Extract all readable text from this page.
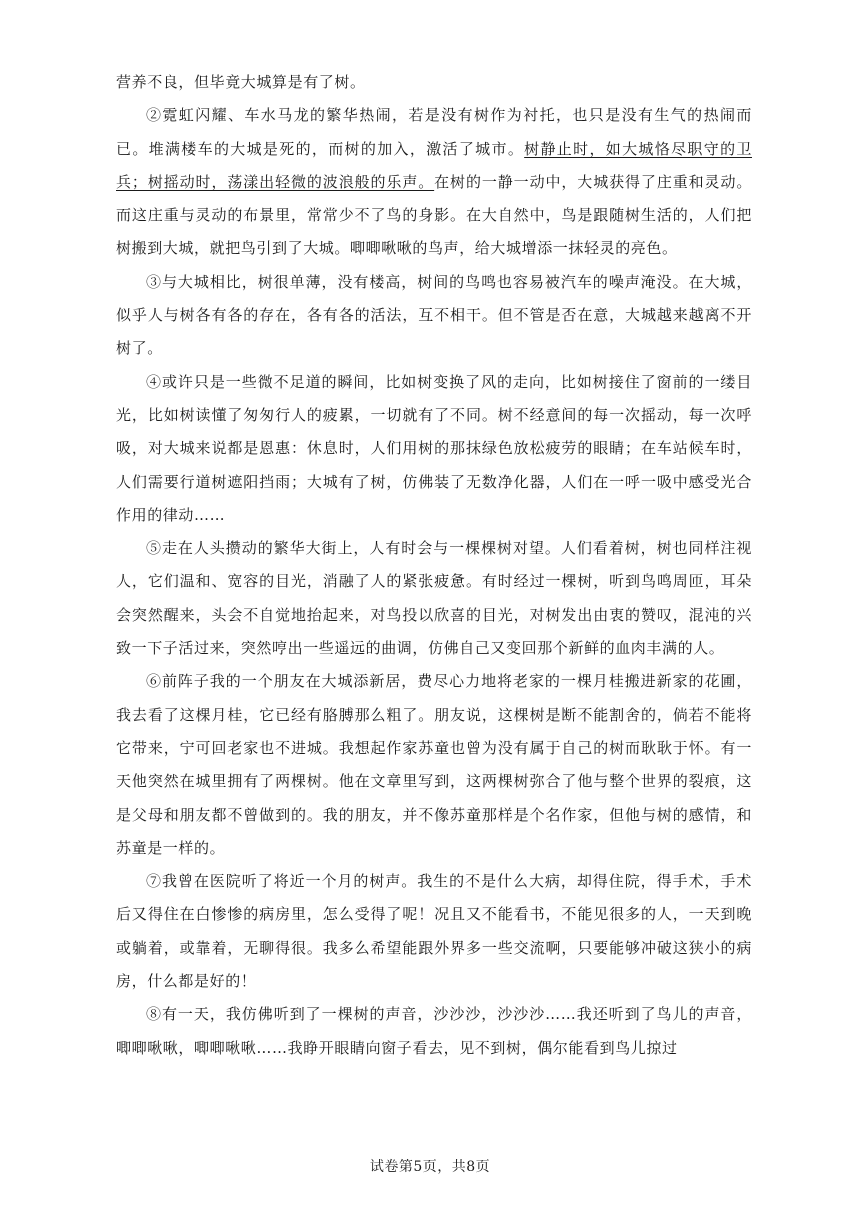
营养不良，但毕竟大城算是有了树。

②霓虹闪耀、车水马龙的繁华热闹，若是没有树作为衬托，也只是没有生气的热闹而已。堆满楼车的大城是死的，而树的加入，激活了城市。树静止时，如大城恪尽职守的卫兵；树摇动时，荡漾出轻微的波浪般的乐声。在树的一静一动中，大城获得了庄重和灵动。而这庄重与灵动的布景里，常常少不了鸟的身影。在大自然中，鸟是跟随树生活的，人们把树搬到大城，就把鸟引到了大城。唧唧啾啾的鸟声，给大城增添一抹轻灵的亮色。

③与大城相比，树很单薄，没有楼高，树间的鸟鸣也容易被汽车的噪声淹没。在大城，似乎人与树各有各的存在，各有各的活法，互不相干。但不管是否在意，大城越来越离不开树了。

④或许只是一些微不足道的瞬间，比如树变换了风的走向，比如树接住了窗前的一缕目光，比如树读懂了匆匆行人的疲累，一切就有了不同。树不经意间的每一次摇动，每一次呼吸，对大城来说都是恩惠：休息时，人们用树的那抹绿色放松疲劳的眼睛；在车站候车时，人们需要行道树遮阳挡雨；大城有了树，仿佛装了无数净化器，人们在一呼一吸中感受光合作用的律动……

⑤走在人头攒动的繁华大街上，人有时会与一棵棵树对望。人们看着树，树也同样注视人，它们温和、宽容的目光，消融了人的紧张疲惫。有时经过一棵树，听到鸟鸣周匝，耳朵会突然醒来，头会不自觉地抬起来，对鸟投以欣喜的目光，对树发出由衷的赞叹，混沌的兴致一下子活过来，突然哼出一些遥远的曲调，仿佛自己又变回那个新鲜的血肉丰满的人。

⑥前阵子我的一个朋友在大城添新居，费尽心力地将老家的一棵月桂搬进新家的花圃，我去看了这棵月桂，它已经有胳膊那么粗了。朋友说，这棵树是断不能割舍的，倘若不能将它带来，宁可回老家也不进城。我想起作家苏童也曾为没有属于自己的树而耿耿于怀。有一天他突然在城里拥有了两棵树。他在文章里写到，这两棵树弥合了他与整个世界的裂痕，这是父母和朋友都不曾做到的。我的朋友，并不像苏童那样是个名作家，但他与树的感情，和苏童是一样的。

⑦我曾在医院听了将近一个月的树声。我生的不是什么大病，却得住院，得手术，手术后又得住在白惨惨的病房里，怎么受得了呢！况且又不能看书，不能见很多的人，一天到晚或躺着，或靠着，无聊得很。我多么希望能跟外界多一些交流啊，只要能够冲破这狭小的病房，什么都是好的！

⑧有一天，我仿佛听到了一棵树的声音，沙沙沙，沙沙沙……我还听到了鸟儿的声音，唧唧啾啾，唧唧啾啾……我睁开眼睛向窗子看去，见不到树，偶尔能看到鸟儿掠过

试卷第5页，共8页
